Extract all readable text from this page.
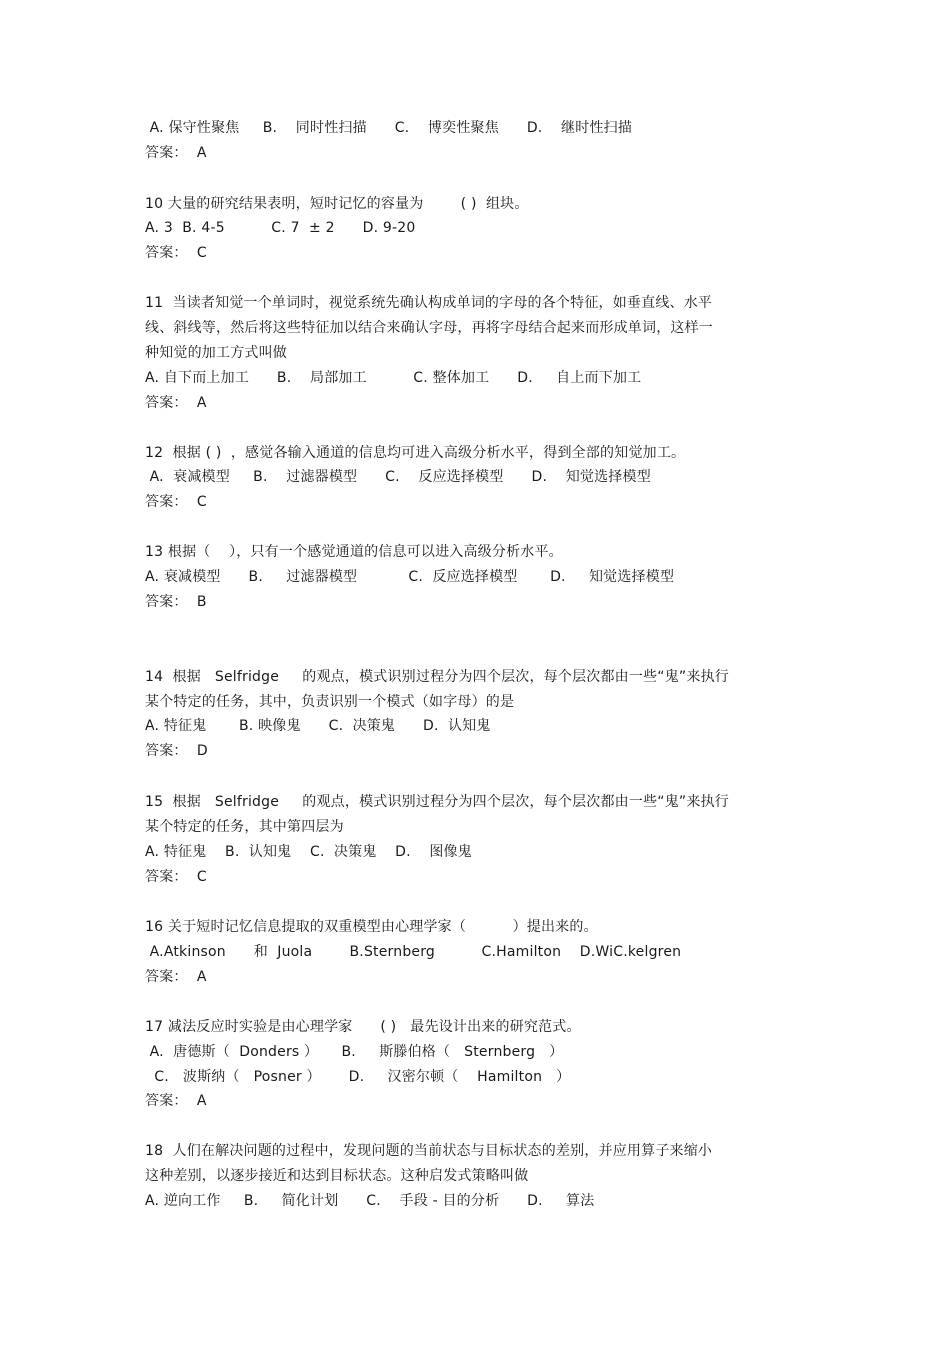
A. 保守性聚焦     B.    同时性扫描      C.    博奕性聚焦      D.    继时性扫描
答案：  A
10 大量的研究结果表明，短时记忆的容量为        ( )  组块。
A. 3  B. 4-5          C. 7  ± 2      D. 9-20
答案：  C
11  当读者知觉一个单词时，视觉系统先确认构成单词的字母的各个特征，如垂直线、水平
线、斜线等，然后将这些特征加以结合来确认字母，再将字母结合起来而形成单词，这样一
种知觉的加工方式叫做
A. 自下而上加工      B.    局部加工          C. 整体加工      D.     自上而下加工
答案：  A
12  根据 ( )  ，感觉各输入通道的信息均可进入高级分析水平，得到全部的知觉加工。
A.  衰减模型     B.    过滤器模型      C.    反应选择模型      D.    知觉选择模型
答案：  C
13 根据（    ），只有一个感觉通道的信息可以进入高级分析水平。
A. 衰减模型      B.     过滤器模型           C.  反应选择模型       D.     知觉选择模型
答案：  B
14  根据   Selfridge     的观点，模式识别过程分为四个层次，每个层次都由一些“鬼”来执行
某个特定的任务，其中，负责识别一个模式（如字母）的是
A. 特征鬼       B. 映像鬼      C.  决策鬼      D.  认知鬼
答案：  D
15  根据   Selfridge     的观点，模式识别过程分为四个层次，每个层次都由一些“鬼”来执行
某个特定的任务，其中第四层为
A. 特征鬼    B.  认知鬼    C.  决策鬼    D.    图像鬼
答案：  C
16 关于短时记忆信息提取的双重模型由心理学家（          ）提出来的。
A.Atkinson      和  Juola        B.Sternberg          C.Hamilton    D.WiC.kelgren
答案：  A
17 减法反应时实验是由心理学家      ( )   最先设计出来的研究范式。
A.  唐德斯（  Donders ）     B.     斯滕伯格（   Sternberg   ）
C.   波斯纳（   Posner ）      D.     汉密尔顿（    Hamilton   ）
答案：  A
18  人们在解决问题的过程中，发现问题的当前状态与目标状态的差别，并应用算子来缩小
这种差别，以逐步接近和达到目标状态。这种启发式策略叫做
A. 逆向工作     B.     简化计划      C.    手段 - 目的分析      D.     算法
